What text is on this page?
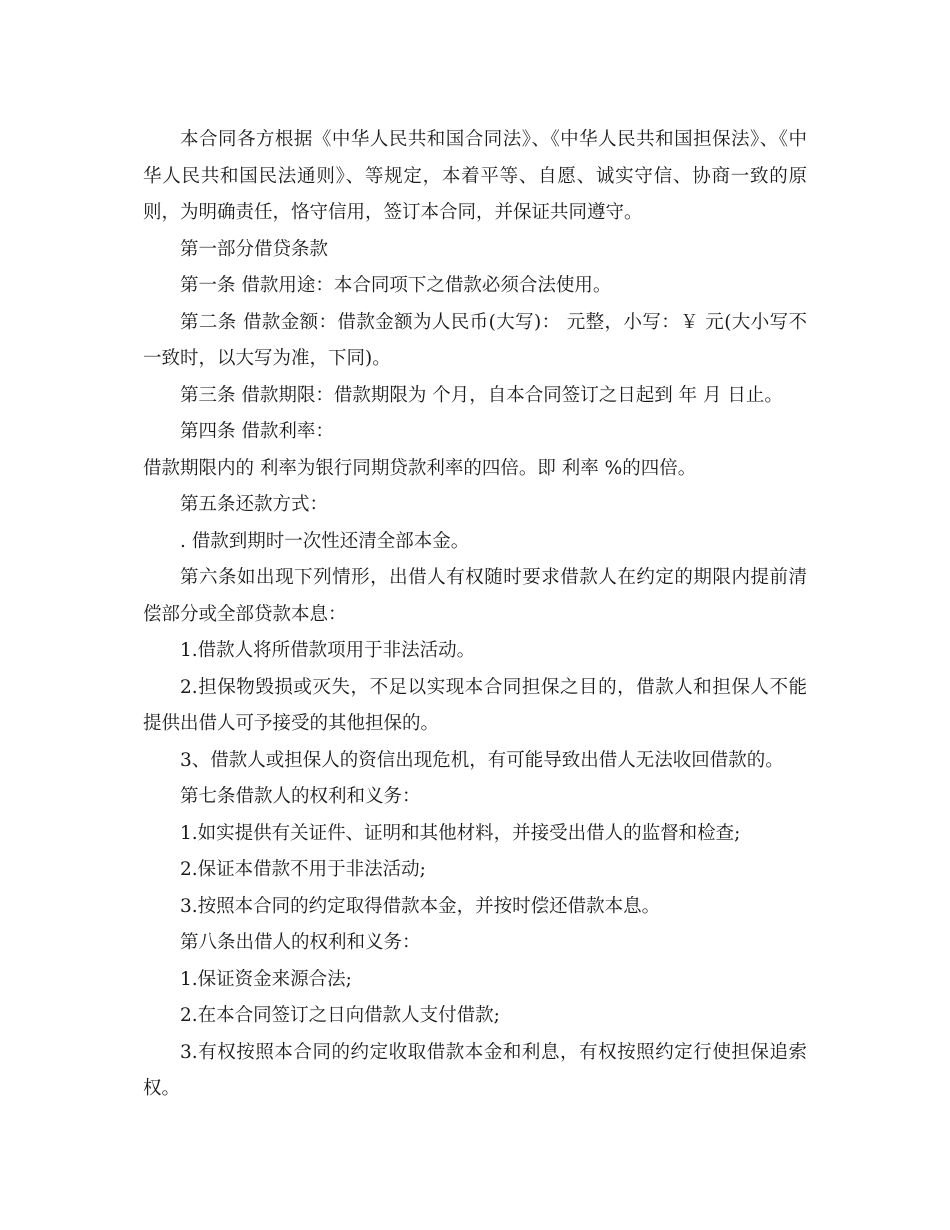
本合同各方根据《中华人民共和国合同法》、《中华人民共和国担保法》、《中华人民共和国民法通则》、等规定，本着平等、自愿、诚实守信、协商一致的原则，为明确责任，恪守信用，签订本合同，并保证共同遵守。

第一部分借贷条款

第一条 借款用途：本合同项下之借款必须合法使用。

第二条 借款金额：借款金额为人民币(大写)： 元整，小写：￥ 元(大小写不一致时，以大写为准，下同)。

第三条 借款期限：借款期限为 个月，自本合同签订之日起到 年 月 日止。

第四条 借款利率：

借款期限内的 利率为银行同期贷款利率的四倍。即 利率 %的四倍。

第五条还款方式：

. 借款到期时一次性还清全部本金。

第六条如出现下列情形，出借人有权随时要求借款人在约定的期限内提前清偿部分或全部贷款本息：

1.借款人将所借款项用于非法活动。

2.担保物毁损或灭失，不足以实现本合同担保之目的，借款人和担保人不能提供出借人可予接受的其他担保的。

3、借款人或担保人的资信出现危机，有可能导致出借人无法收回借款的。

第七条借款人的权利和义务：

1.如实提供有关证件、证明和其他材料，并接受出借人的监督和检查;

2.保证本借款不用于非法活动;

3.按照本合同的约定取得借款本金，并按时偿还借款本息。

第八条出借人的权利和义务：

1.保证资金来源合法;

2.在本合同签订之日向借款人支付借款;

3.有权按照本合同的约定收取借款本金和利息，有权按照约定行使担保追索权。
